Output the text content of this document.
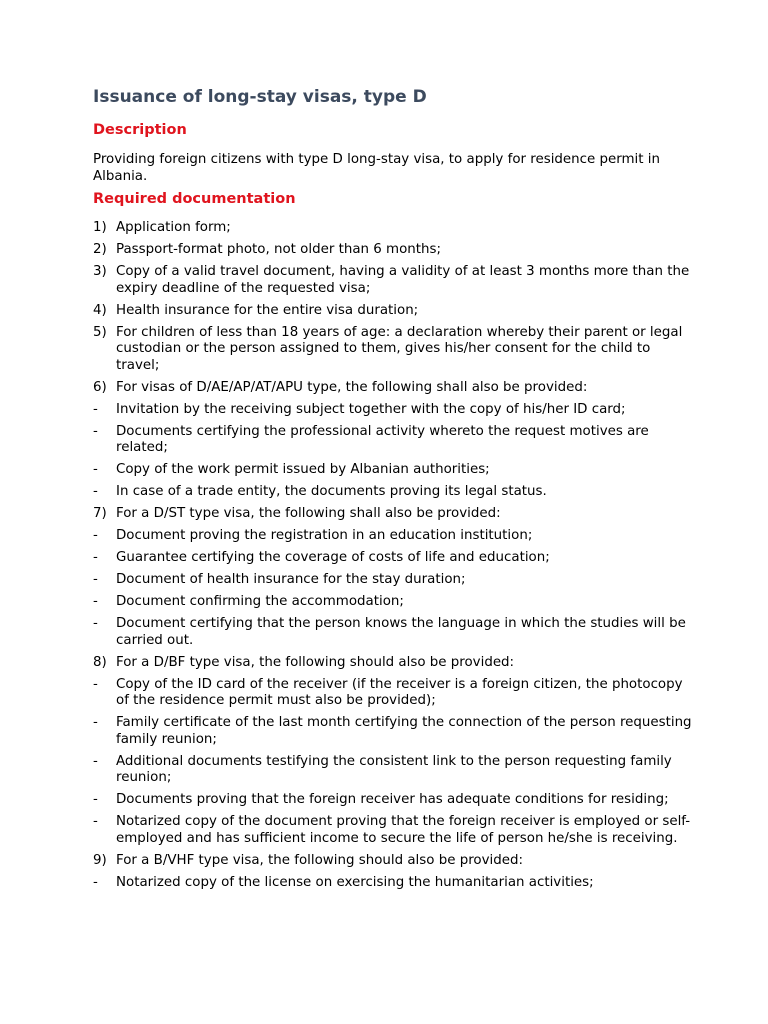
Issuance of long-stay visas, type D
Description

Providing foreign citizens with type D long-stay visa, to apply for residence permit in Albania.

Required documentation
1) Application form;
2) Passport-format photo, not older than 6 months;
3) Copy of a valid travel document, having a validity of at least 3 months more than the expiry deadline of the requested visa;
4) Health insurance for the entire visa duration;
5) For children of less than 18 years of age: a declaration whereby their parent or legal custodian or the person assigned to them, gives his/her consent for the child to travel;
6) For visas of D/AE/AP/AT/APU type, the following shall also be provided:
-	Invitation by the receiving subject together with the copy of his/her ID card;
-	Documents certifying the professional activity whereto the request motives are related;
-	Copy of the work permit issued by Albanian authorities;
-	In case of a trade entity, the documents proving its legal status.
7) For a D/ST type visa, the following shall also be provided:
-	Document proving the registration in an education institution;
-	Guarantee certifying the coverage of costs of life and education;
-	Document of health insurance for the stay duration;
-	Document confirming the accommodation;
-	Document certifying that the person knows the language in which the studies will be carried out.
8) For a D/BF type visa, the following should also be provided:
-	Copy of the ID card of the receiver (if the receiver is a foreign citizen, the photocopy of the residence permit must also be provided);
-	Family certificate of the last month certifying the connection of the person requesting family reunion;
-	Additional documents testifying the consistent link to the person requesting family reunion;
-	Documents proving that the foreign receiver has adequate conditions for residing;
-	Notarized copy of the document proving that the foreign receiver is employed or self-employed and has sufficient income to secure the life of person he/she is receiving.
9) For a B/VHF type visa, the following should also be provided:
-	Notarized copy of the license on exercising the humanitarian activities;
